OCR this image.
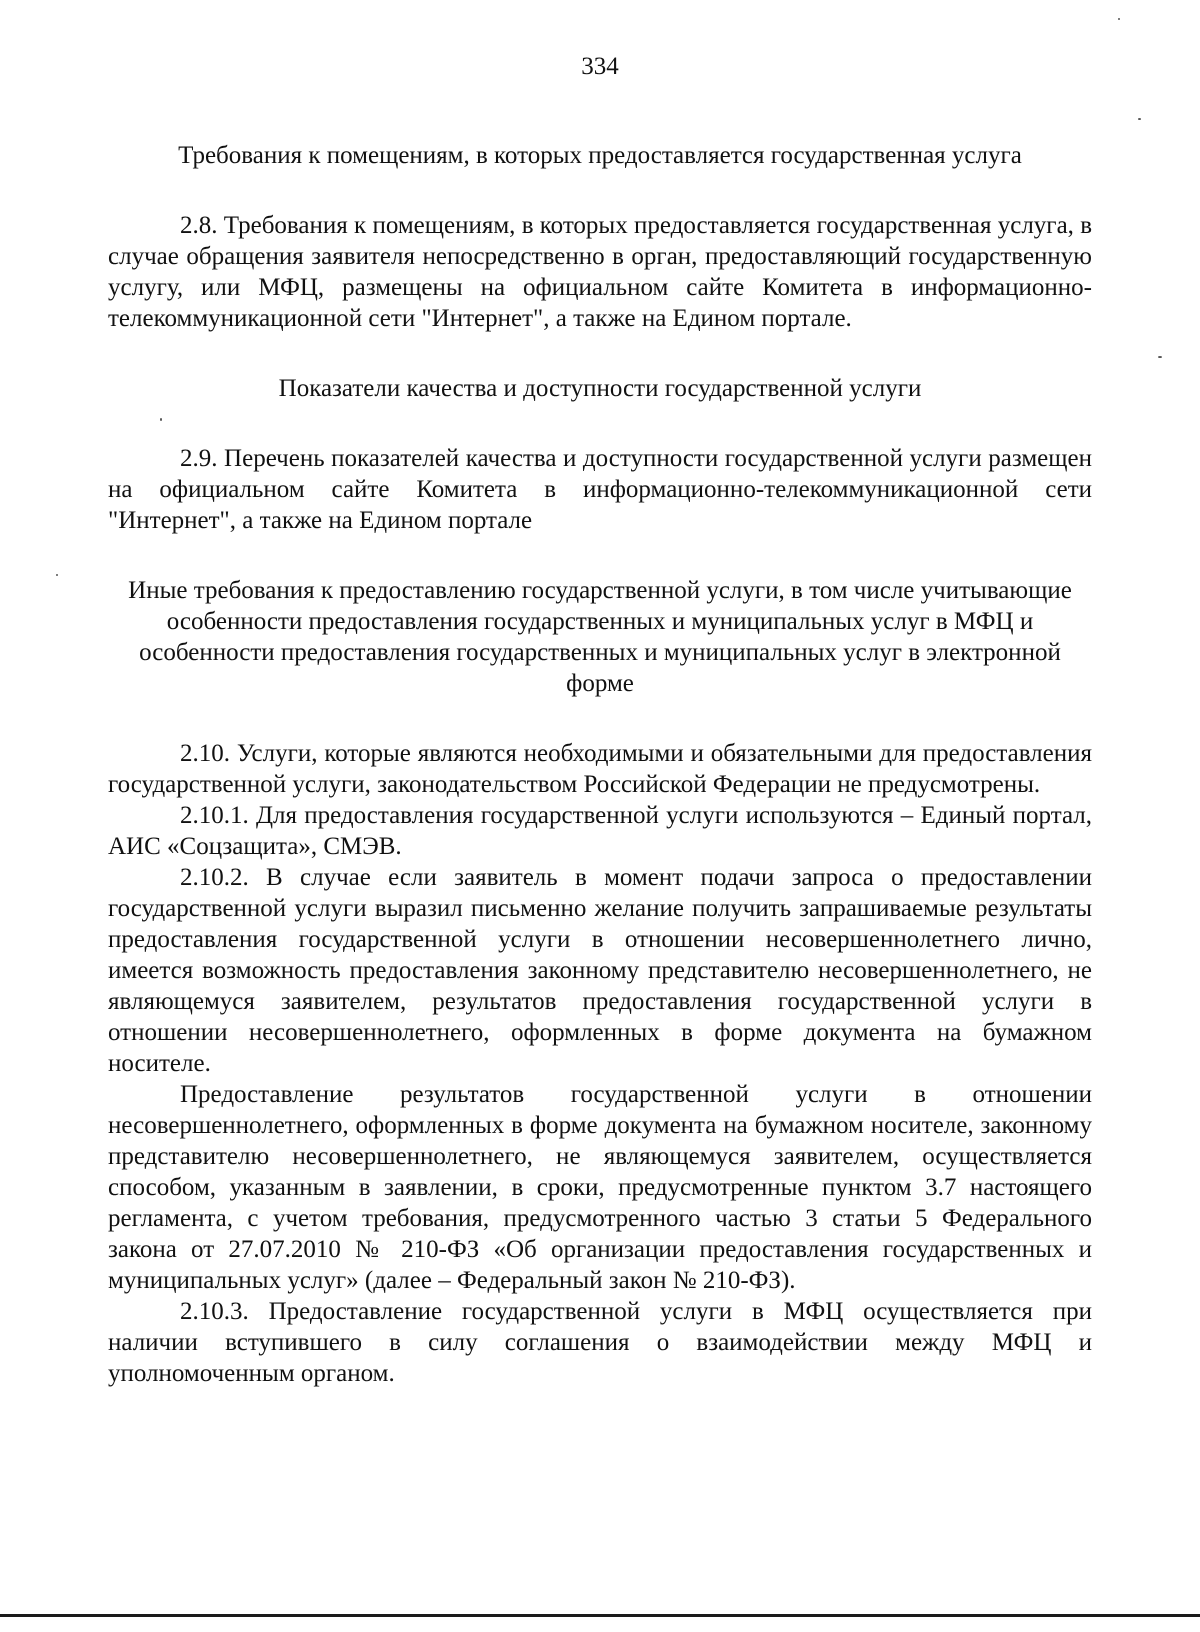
334

Требования к помещениям, в которых предоставляется государственная услуга

2.8. Требования к помещениям, в которых предоставляется государственная услуга, в случае обращения заявителя непосредственно в орган, предоставляющий государственную услугу, или МФЦ, размещены на официальном сайте Комитета в информационно-телекоммуникационной сети "Интернет", а также на Едином портале.

Показатели качества и доступности государственной услуги

2.9. Перечень показателей качества и доступности государственной услуги размещен на официальном сайте Комитета в информационно-телекоммуникационной сети "Интернет", а также на Едином портале

Иные требования к предоставлению государственной услуги, в том числе учитывающие особенности предоставления государственных и муниципальных услуг в МФЦ и особенности предоставления государственных и муниципальных услуг в электронной форме

2.10. Услуги, которые являются необходимыми и обязательными для предоставления государственной услуги, законодательством Российской Федерации не предусмотрены.

2.10.1. Для предоставления государственной услуги используются – Единый портал, АИС «Соцзащита», СМЭВ.

2.10.2. В случае если заявитель в момент подачи запроса о предоставлении государственной услуги выразил письменно желание получить запрашиваемые результаты предоставления государственной услуги в отношении несовершеннолетнего лично, имеется возможность предоставления законному представителю несовершеннолетнего, не являющемуся заявителем, результатов предоставления государственной услуги в отношении несовершеннолетнего, оформленных в форме документа на бумажном носителе.

Предоставление результатов государственной услуги в отношении несовершеннолетнего, оформленных в форме документа на бумажном носителе, законному представителю несовершеннолетнего, не являющемуся заявителем, осуществляется способом, указанным в заявлении, в сроки, предусмотренные пунктом 3.7 настоящего регламента, с учетом требования, предусмотренного частью 3 статьи 5 Федерального закона от 27.07.2010 № 210-ФЗ «Об организации предоставления государственных и муниципальных услуг» (далее – Федеральный закон № 210-ФЗ).

2.10.3. Предоставление государственной услуги в МФЦ осуществляется при наличии вступившего в силу соглашения о взаимодействии между МФЦ и уполномоченным органом.
